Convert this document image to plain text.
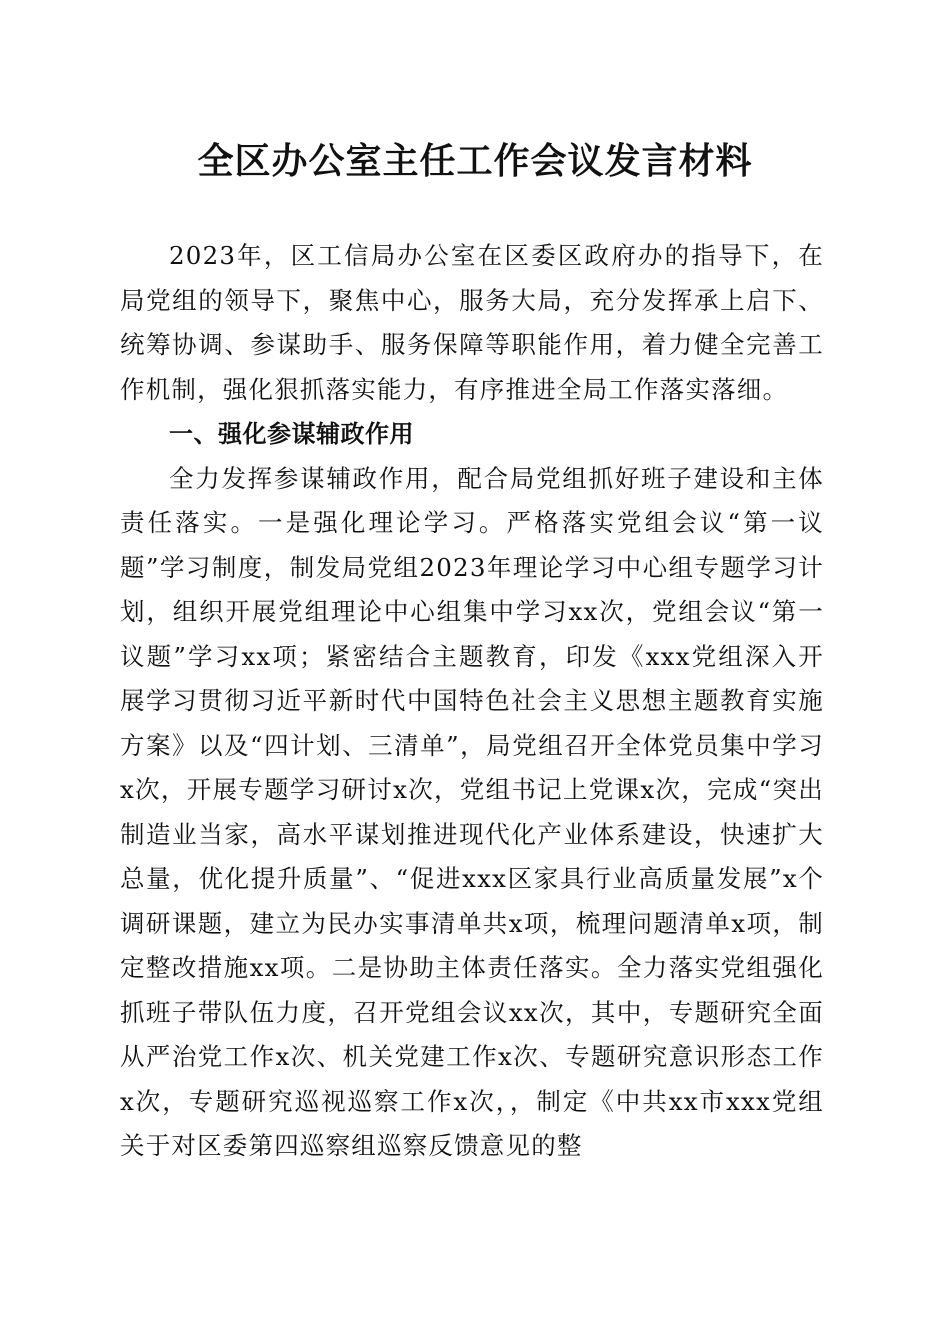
全区办公室主任工作会议发言材料

2023年，区工信局办公室在区委区政府办的指导下，在局党组的领导下，聚焦中心，服务大局，充分发挥承上启下、统筹协调、参谋助手、服务保障等职能作用，着力健全完善工作机制，强化狠抓落实能力，有序推进全局工作落实落细。

一、强化参谋辅政作用

全力发挥参谋辅政作用，配合局党组抓好班子建设和主体责任落实。一是强化理论学习。严格落实党组会议“第一议题”学习制度，制发局党组2023年理论学习中心组专题学习计划，组织开展党组理论中心组集中学习xx次，党组会议“第一议题”学习xx项；紧密结合主题教育，印发《xxx党组深入开展学习贯彻习近平新时代中国特色社会主义思想主题教育实施方案》以及“四计划、三清单”，局党组召开全体党员集中学习x次，开展专题学习研讨x次，党组书记上党课x次，完成“突出制造业当家，高水平谋划推进现代化产业体系建设，快速扩大总量，优化提升质量”、“促进xxx区家具行业高质量发展”x个调研课题，建立为民办实事清单共x项，梳理问题清单x项，制定整改措施xx项。二是协助主体责任落实。全力落实党组强化抓班子带队伍力度，召开党组会议xx次，其中，专题研究全面从严治党工作x次、机关党建工作x次、专题研究意识形态工作x次，专题研究巡视巡察工作x次，，制定《中共xx市xxx党组关于对区委第四巡察组巡察反馈意见的整
